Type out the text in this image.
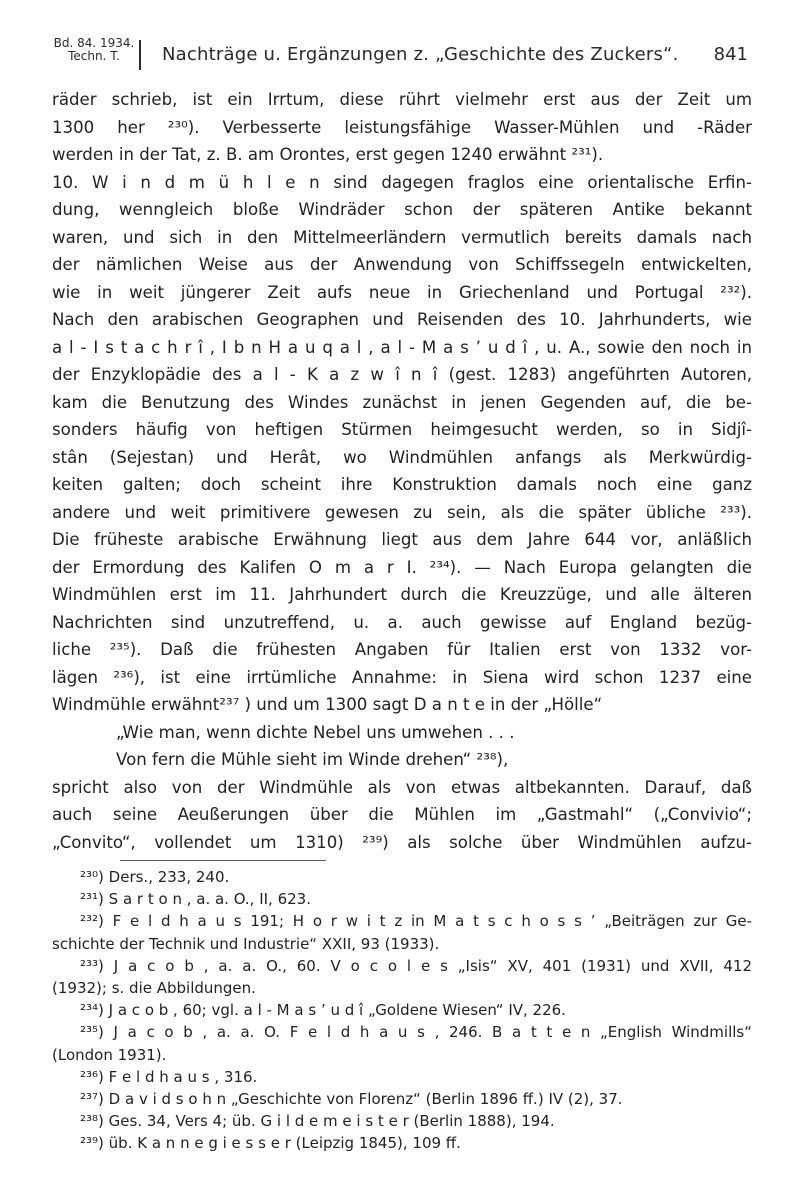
Bd. 84. 1934.
Techn. T.	Nachträge u. Ergänzungen z. „Geschichte des Zuckers“. 841
räder schrieb, ist ein Irrtum, diese rührt vielmehr erst aus der Zeit um
1300 her ²³⁰). Verbesserte leistungsfähige Wasser-Mühlen und -Räder
werden in der Tat, z. B. am Orontes, erst gegen 1240 erwähnt ²³¹).
10. W i n d m ü h l e n sind dagegen fraglos eine orientalische Erfin-
dung, wenngleich bloße Windräder schon der späteren Antike bekannt
waren, und sich in den Mittelmeerländern vermutlich bereits damals nach
der nämlichen Weise aus der Anwendung von Schiffssegeln entwickelten,
wie in weit jüngerer Zeit aufs neue in Griechenland und Portugal ²³²).
Nach den arabischen Geographen und Reisenden des 10. Jahrhunderts, wie
a l - I s t a c h r î , I b n H a u q a l , a l - M a s ’ u d î , u. A., sowie den noch in
der Enzyklopädie des a l - K a z w î n î (gest. 1283) angeführten Autoren,
kam die Benutzung des Windes zunächst in jenen Gegenden auf, die be-
sonders häufig von heftigen Stürmen heimgesucht werden, so in Sidjî-
stân (Sejestan) und Herât, wo Windmühlen anfangs als Merkwürdig-
keiten galten; doch scheint ihre Konstruktion damals noch eine ganz
andere und weit primitivere gewesen zu sein, als die später übliche ²³³).
Die früheste arabische Erwähnung liegt aus dem Jahre 644 vor, anläßlich
der Ermordung des Kalifen O m a r I. ²³⁴). — Nach Europa gelangten die
Windmühlen erst im 11. Jahrhundert durch die Kreuzzüge, und alle älteren
Nachrichten sind unzutreffend, u. a. auch gewisse auf England bezüg-
liche ²³⁵). Daß die frühesten Angaben für Italien erst von 1332 vor-
lägen ²³⁶), ist eine irrtümliche Annahme: in Siena wird schon 1237 eine
Windmühle erwähnt²³⁷ ) und um 1300 sagt D a n t e in der „Hölle“
„Wie man, wenn dichte Nebel uns umwehen . . .
Von fern die Mühle sieht im Winde drehen“ ²³⁸),
spricht also von der Windmühle als von etwas altbekannten. Darauf, daß
auch seine Aeußerungen über die Mühlen im „Gastmahl“ („Convivio“;
„Convito“, vollendet um 1310) ²³⁹) als solche über Windmühlen aufzu-
²³⁰) Ders., 233, 240.
²³¹) S a r t o n , a. a. O., II, 623.
²³²) F e l d h a u s 191; H o r w i t z in M a t s c h o s s ’ „Beiträgen zur Ge-
schichte der Technik und Industrie“ XXII, 93 (1933).
²³³) J a c o b , a. a. O., 60. V o c o l e s „Isis“ XV, 401 (1931) und XVII, 412
(1932); s. die Abbildungen.
²³⁴) J a c o b , 60; vgl. a l - M a s ’ u d î „Goldene Wiesen“ IV, 226.
²³⁵) J a c o b , a. a. O. F e l d h a u s , 246. B a t t e n „English Windmills“
(London 1931).
²³⁶) F e l d h a u s , 316.
²³⁷) D a v i d s o h n „Geschichte von Florenz“ (Berlin 1896 ff.) IV (2), 37.
²³⁸) Ges. 34, Vers 4; üb. G i l d e m e i s t e r (Berlin 1888), 194.
²³⁹) üb. K a n n e g i e s s e r (Leipzig 1845), 109 ff.
